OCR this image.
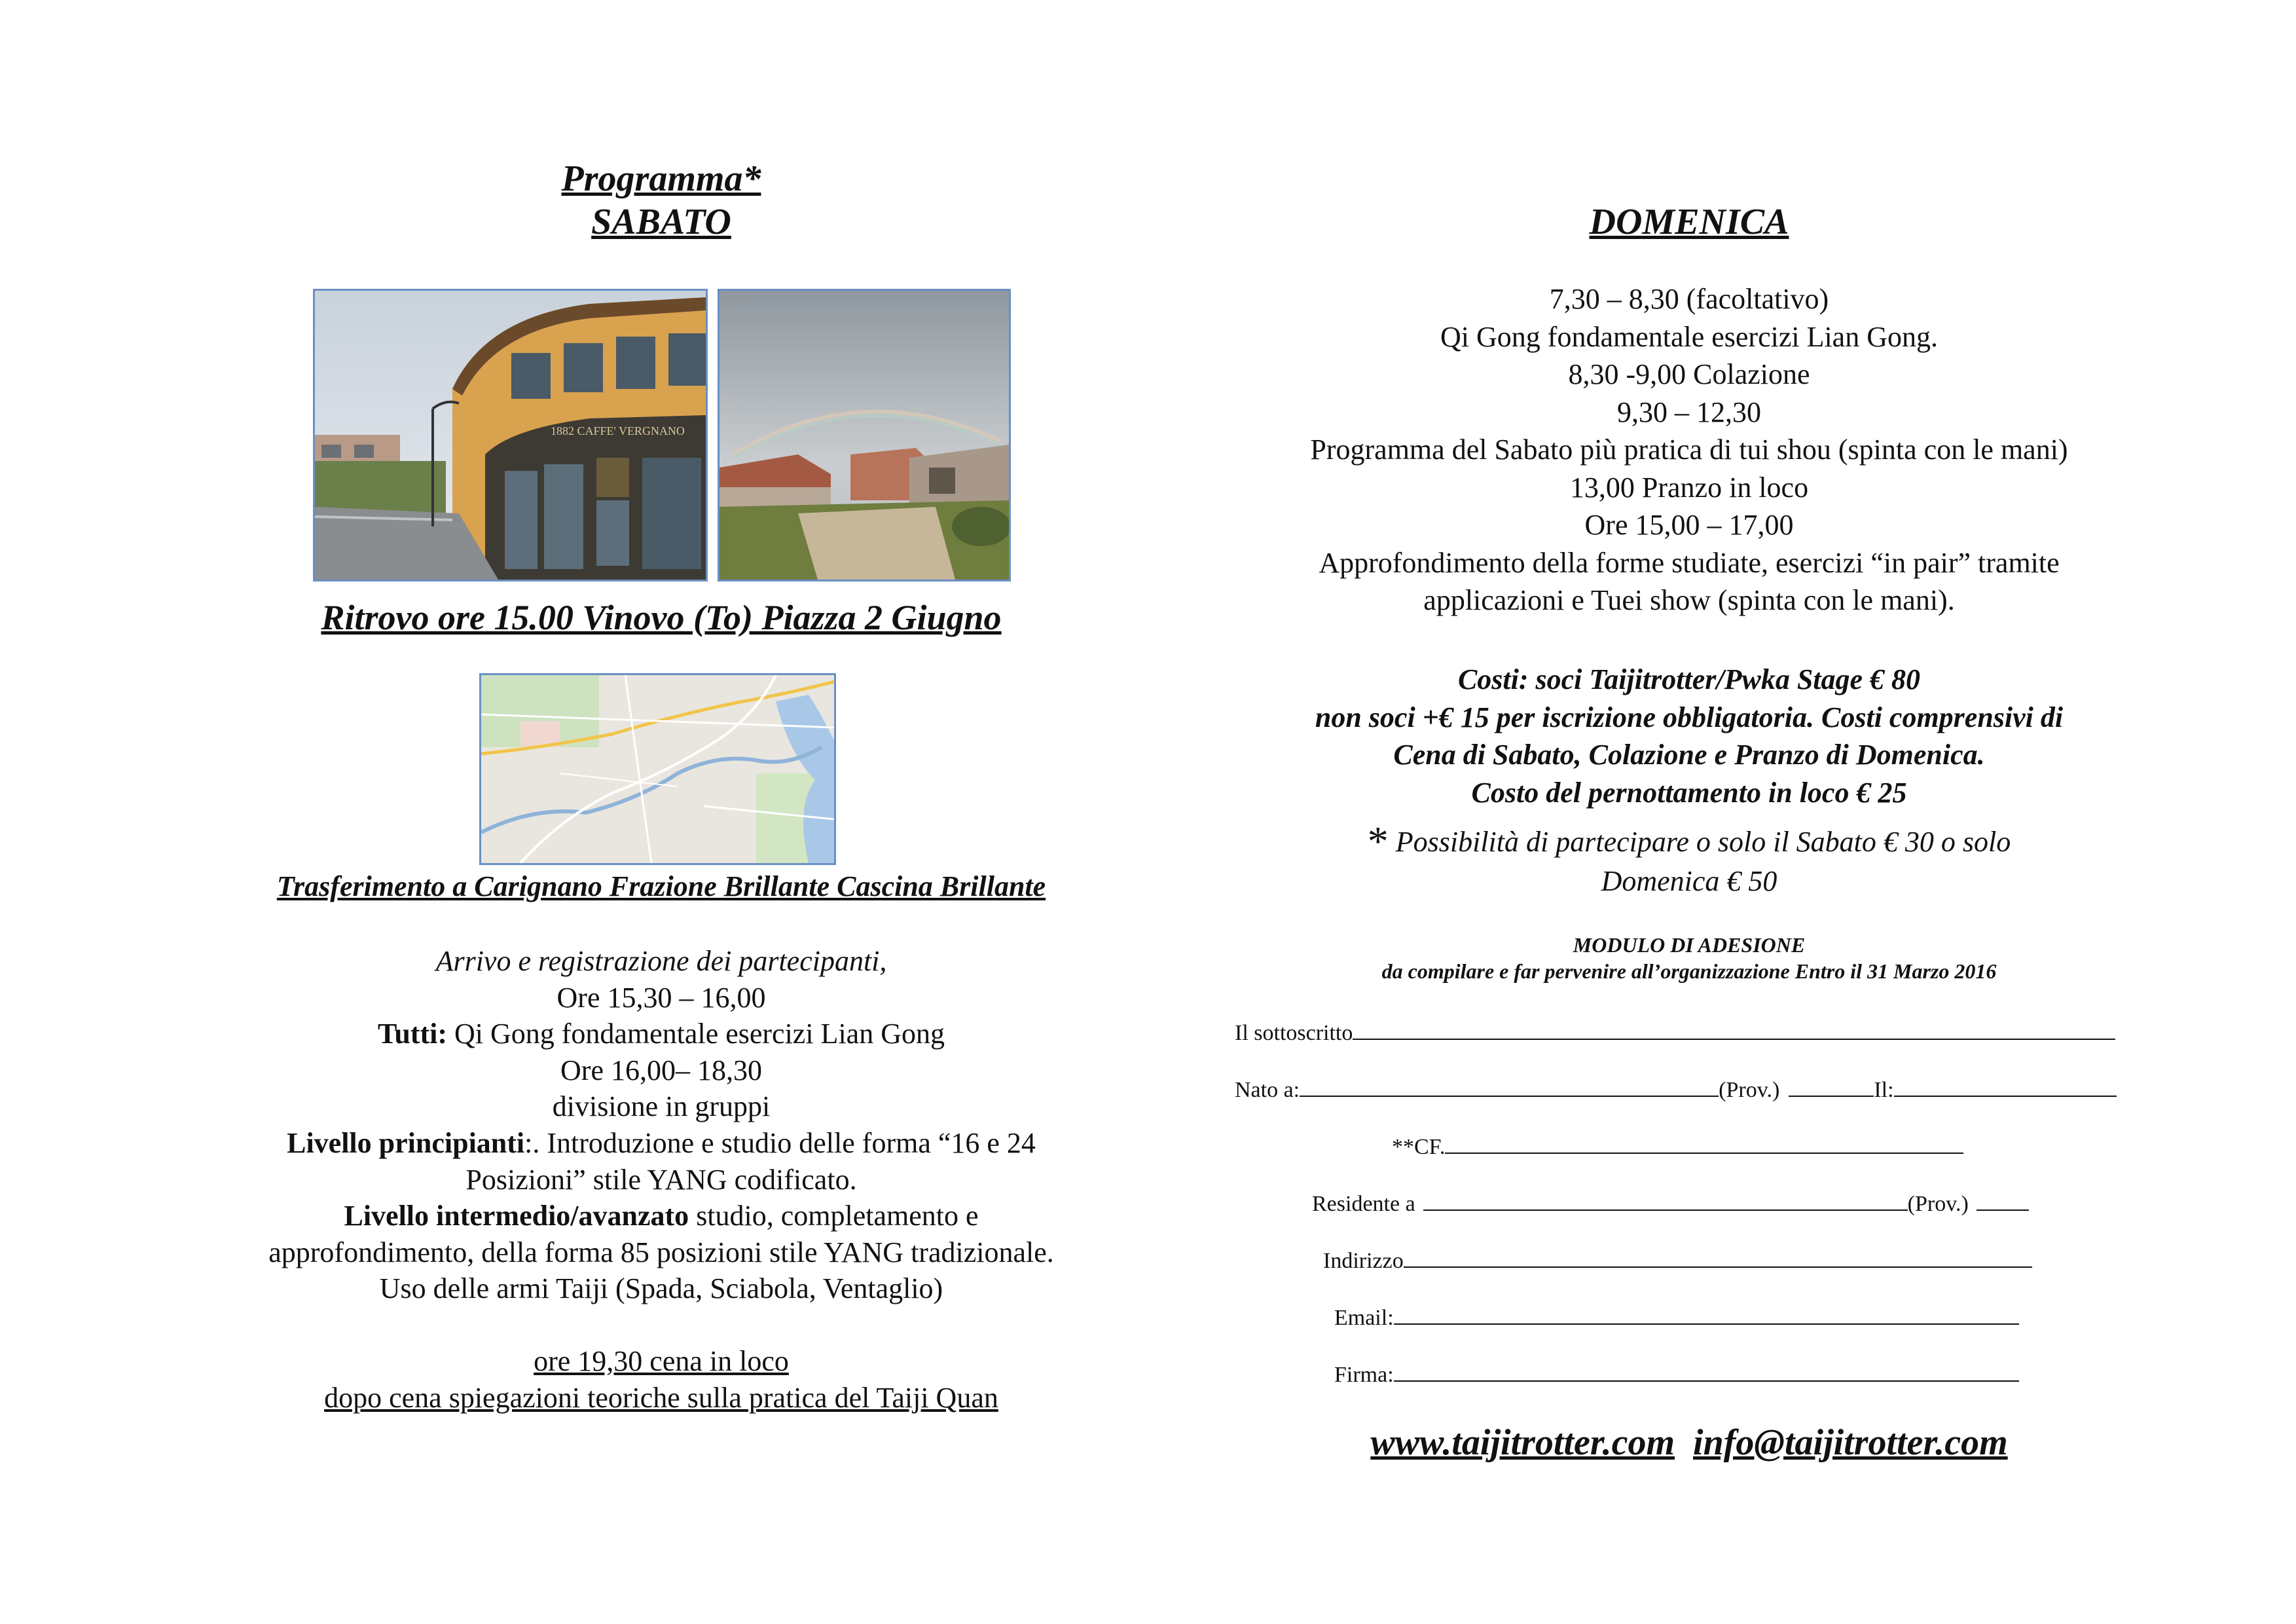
Programma*
SABATO
1882 CAFFE' VERGNANO
Ritrovo ore 15.00 Vinovo (To) Piazza 2 Giugno
Trasferimento a Carignano Frazione Brillante Cascina Brillante
Arrivo e registrazione dei partecipanti,
Ore 15,30 – 16,00
Tutti: Qi Gong fondamentale esercizi Lian Gong
Ore 16,00– 18,30
divisione in gruppi
Livello principianti:. Introduzione e studio delle forma “16 e 24
Posizioni” stile YANG codificato.
Livello intermedio/avanzato studio, completamento e
approfondimento, della forma 85 posizioni stile YANG tradizionale.
Uso delle armi Taiji (Spada, Sciabola, Ventaglio)
ore 19,30 cena in loco
dopo cena spiegazioni teoriche sulla pratica del Taiji Quan
DOMENICA
7,30 – 8,30 (facoltativo)
Qi Gong fondamentale esercizi Lian Gong.
8,30 -9,00 Colazione
9,30 – 12,30
Programma del Sabato più pratica di tui shou (spinta con le mani)
13,00 Pranzo in loco
Ore 15,00 – 17,00
Approfondimento della forme studiate, esercizi “in pair” tramite
applicazioni e Tuei show (spinta con le mani).
Costi: soci Taijitrotter/Pwka Stage € 80
non soci +€ 15 per iscrizione obbligatoria. Costi comprensivi di
Cena di Sabato, Colazione e Pranzo di Domenica.
Costo del pernottamento in loco € 25
* Possibilità di partecipare o solo il Sabato € 30 o solo
Domenica € 50
MODULO DI ADESIONE
da compilare e far pervenire all’organizzazione Entro il 31 Marzo 2016
Il sottoscritto
Nato a:	(Prov.)	Il:
**CF.
Residente a	(Prov.)
Indirizzo
Email:
Firma:
www.taijitrotter.com info@taijitrotter.com
